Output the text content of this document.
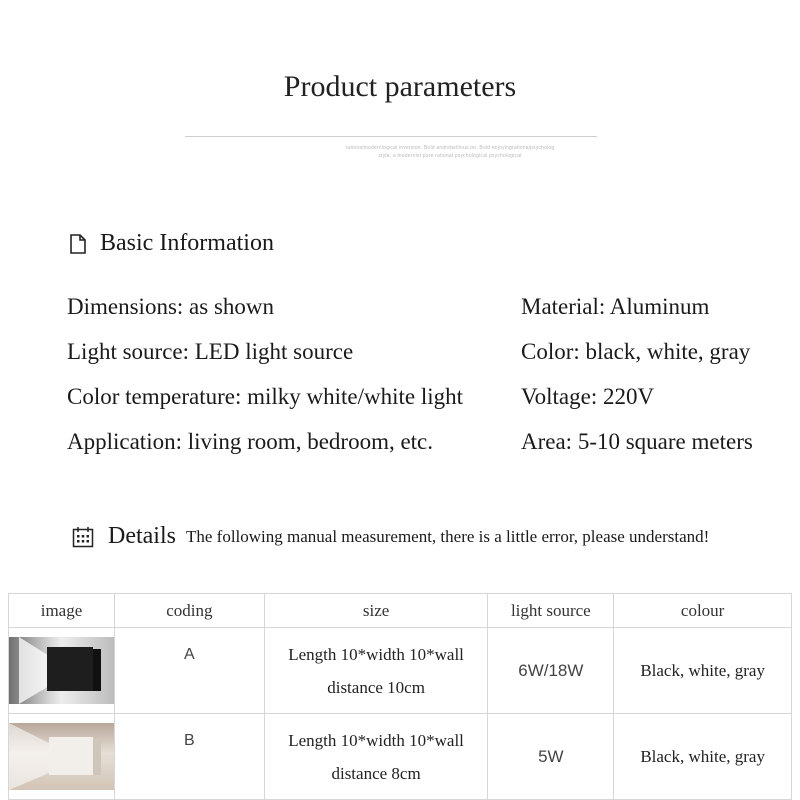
Product parameters
rationalmodernlogical inversion. Bold andrebellious.on. Bold enjoyingrationalpsycholog
style, a modernist pure rational psychological psychological
Basic Information
Dimensions: as shown
Light source: LED light source
Color temperature: milky white/white light
Application: living room, bedroom, etc.
Material: Aluminum
Color: black, white, gray
Voltage: 220V
Area: 5-10 square meters
Details The following manual measurement, there is a little error, please understand!
image	coding	size	light source	colour

	A	Length 10*width 10*wall
distance 10cm	6W/18W	Black, white, gray

	B	Length 10*width 10*wall
distance 8cm	5W	Black, white, gray
